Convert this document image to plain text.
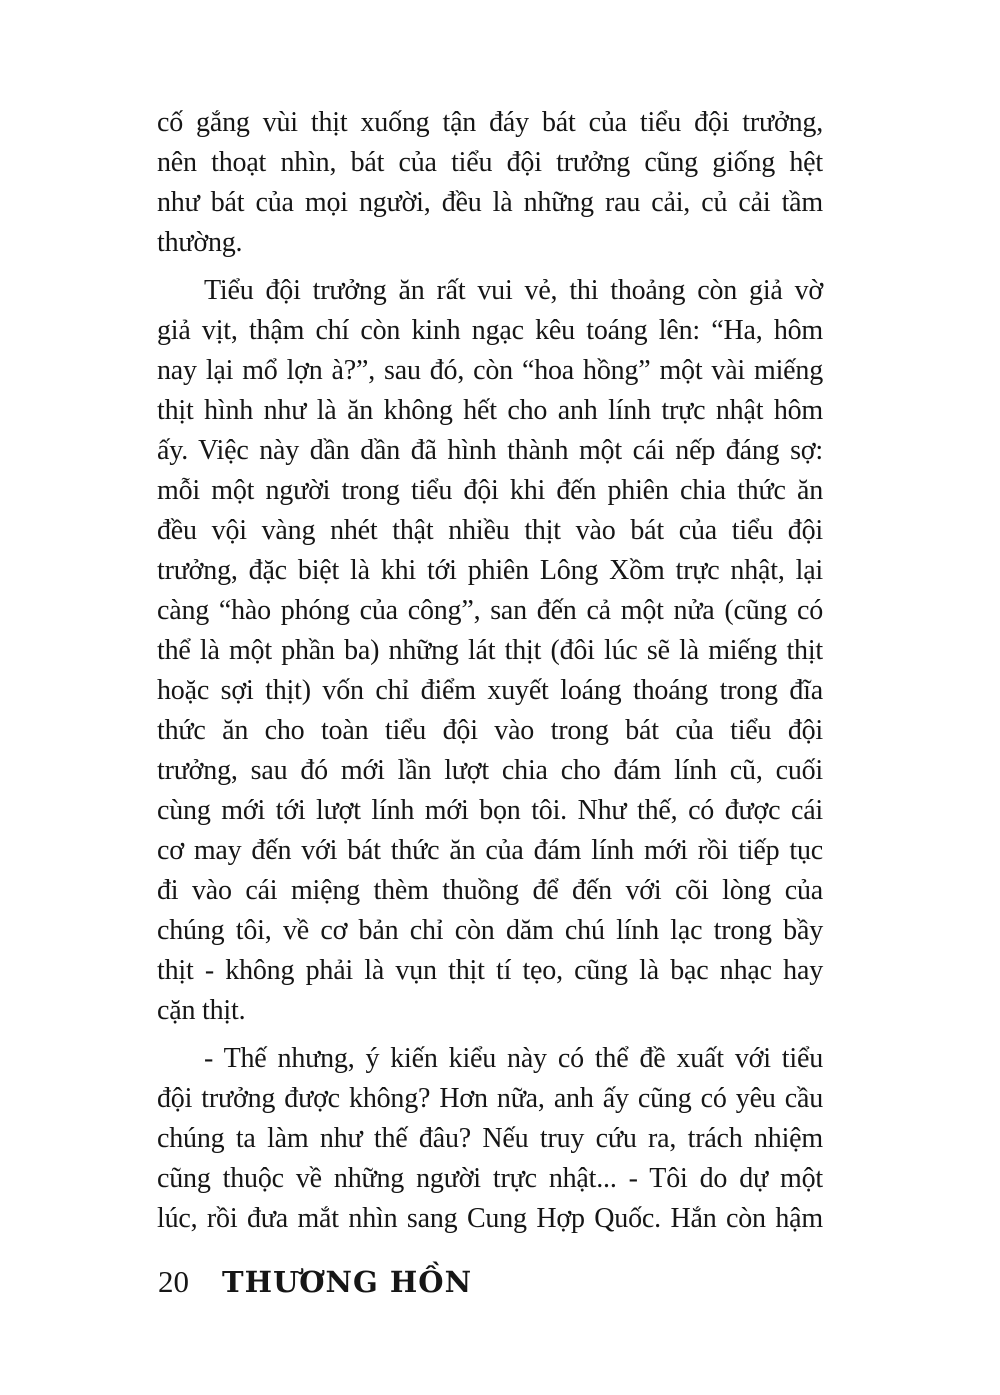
cố gắng vùi thịt xuống tận đáy bát của tiểu đội trưởng,
nên thoạt nhìn, bát của tiểu đội trưởng cũng giống hệt
như bát của mọi người, đều là những rau cải, củ cải tầm
thường.
Tiểu đội trưởng ăn rất vui vẻ, thi thoảng còn giả vờ
giả vịt, thậm chí còn kinh ngạc kêu toáng lên: “Ha, hôm
nay lại mổ lợn à?”, sau đó, còn “hoa hồng” một vài miếng
thịt hình như là ăn không hết cho anh lính trực nhật hôm
ấy. Việc này dần dần đã hình thành một cái nếp đáng sợ:
mỗi một người trong tiểu đội khi đến phiên chia thức ăn
đều vội vàng nhét thật nhiều thịt vào bát của tiểu đội
trưởng, đặc biệt là khi tới phiên Lông Xồm trực nhật, lại
càng “hào phóng của công”, san đến cả một nửa (cũng có
thể là một phần ba) những lát thịt (đôi lúc sẽ là miếng thịt
hoặc sợi thịt) vốn chỉ điểm xuyết loáng thoáng trong đĩa
thức ăn cho toàn tiểu đội vào trong bát của tiểu đội
trưởng, sau đó mới lần lượt chia cho đám lính cũ, cuối
cùng mới tới lượt lính mới bọn tôi. Như thế, có được cái
cơ may đến với bát thức ăn của đám lính mới rồi tiếp tục
đi vào cái miệng thèm thuồng để đến với cõi lòng của
chúng tôi, về cơ bản chỉ còn dăm chú lính lạc trong bầy
thịt - không phải là vụn thịt tí tẹo, cũng là bạc nhạc hay
cặn thịt.
- Thế nhưng, ý kiến kiểu này có thể đề xuất với tiểu
đội trưởng được không? Hơn nữa, anh ấy cũng có yêu cầu
chúng ta làm như thế đâu? Nếu truy cứu ra, trách nhiệm
cũng thuộc về những người trực nhật... - Tôi do dự một
lúc, rồi đưa mắt nhìn sang Cung Hợp Quốc. Hắn còn hậm
20 THƯƠNG HỒN
